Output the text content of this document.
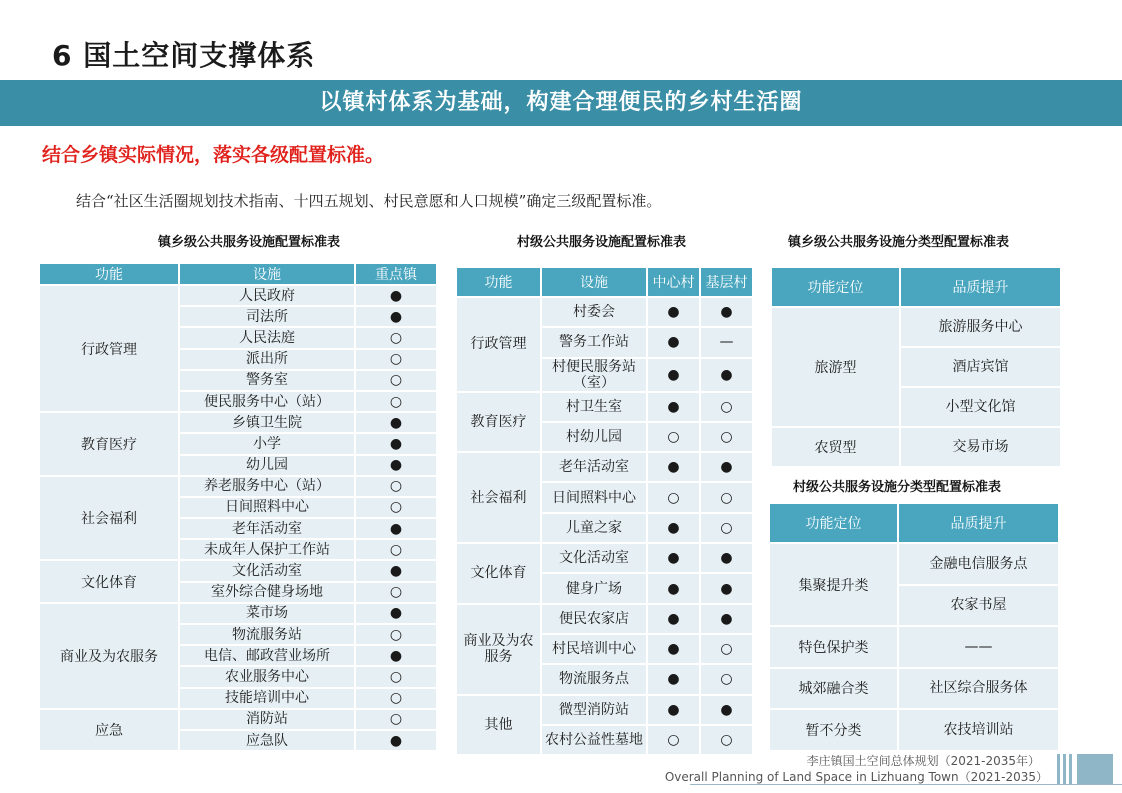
6 国土空间支撑体系
以镇村体系为基础，构建合理便民的乡村生活圈
结合乡镇实际情况，落实各级配置标准。
结合“社区生活圈规划技术指南、十四五规划、村民意愿和人口规模”确定三级配置标准。
镇乡级公共服务设施配置标准表
功能	设施	重点镇
行政管理	人民政府	●
	司法所	●
	人民法庭	○
	派出所	○
	警务室	○
	便民服务中心（站）	○
教育医疗	乡镇卫生院	●
	小学	●
	幼儿园	●
社会福利	养老服务中心（站）	○
	日间照料中心	○
	老年活动室	●
	未成年人保护工作站	○
文化体育	文化活动室	●
	室外综合健身场地	○
商业及为农服务	菜市场	●
	物流服务站	○
	电信、邮政营业场所	●
	农业服务中心	○
	技能培训中心	○
应急	消防站	○
	应急队	●
村级公共服务设施配置标准表
功能	设施	中心村	基层村
行政管理	村委会	●	●
	警务工作站	●	—
	村便民服务站（室）	●	●
教育医疗	村卫生室	●	○
	村幼儿园	○	○
社会福利	老年活动室	●	●
	日间照料中心	○	○
	儿童之家	●	○
文化体育	文化活动室	●	●
	健身广场	●	●
商业及为农服务	便民农家店	●	●
	村民培训中心	●	○
	物流服务点	●	○
其他	微型消防站	●	●
	农村公益性墓地	○	○
镇乡级公共服务设施分类型配置标准表
功能定位	品质提升
旅游型	旅游服务中心
	酒店宾馆
	小型文化馆
农贸型	交易市场
村级公共服务设施分类型配置标准表
功能定位	品质提升
集聚提升类	金融电信服务点
	农家书屋
特色保护类	——
城郊融合类	社区综合服务体
暂不分类	农技培训站
李庄镇国土空间总体规划（2021-2035年）
Overall Planning of Land Space in Lizhuang Town（2021-2035）
